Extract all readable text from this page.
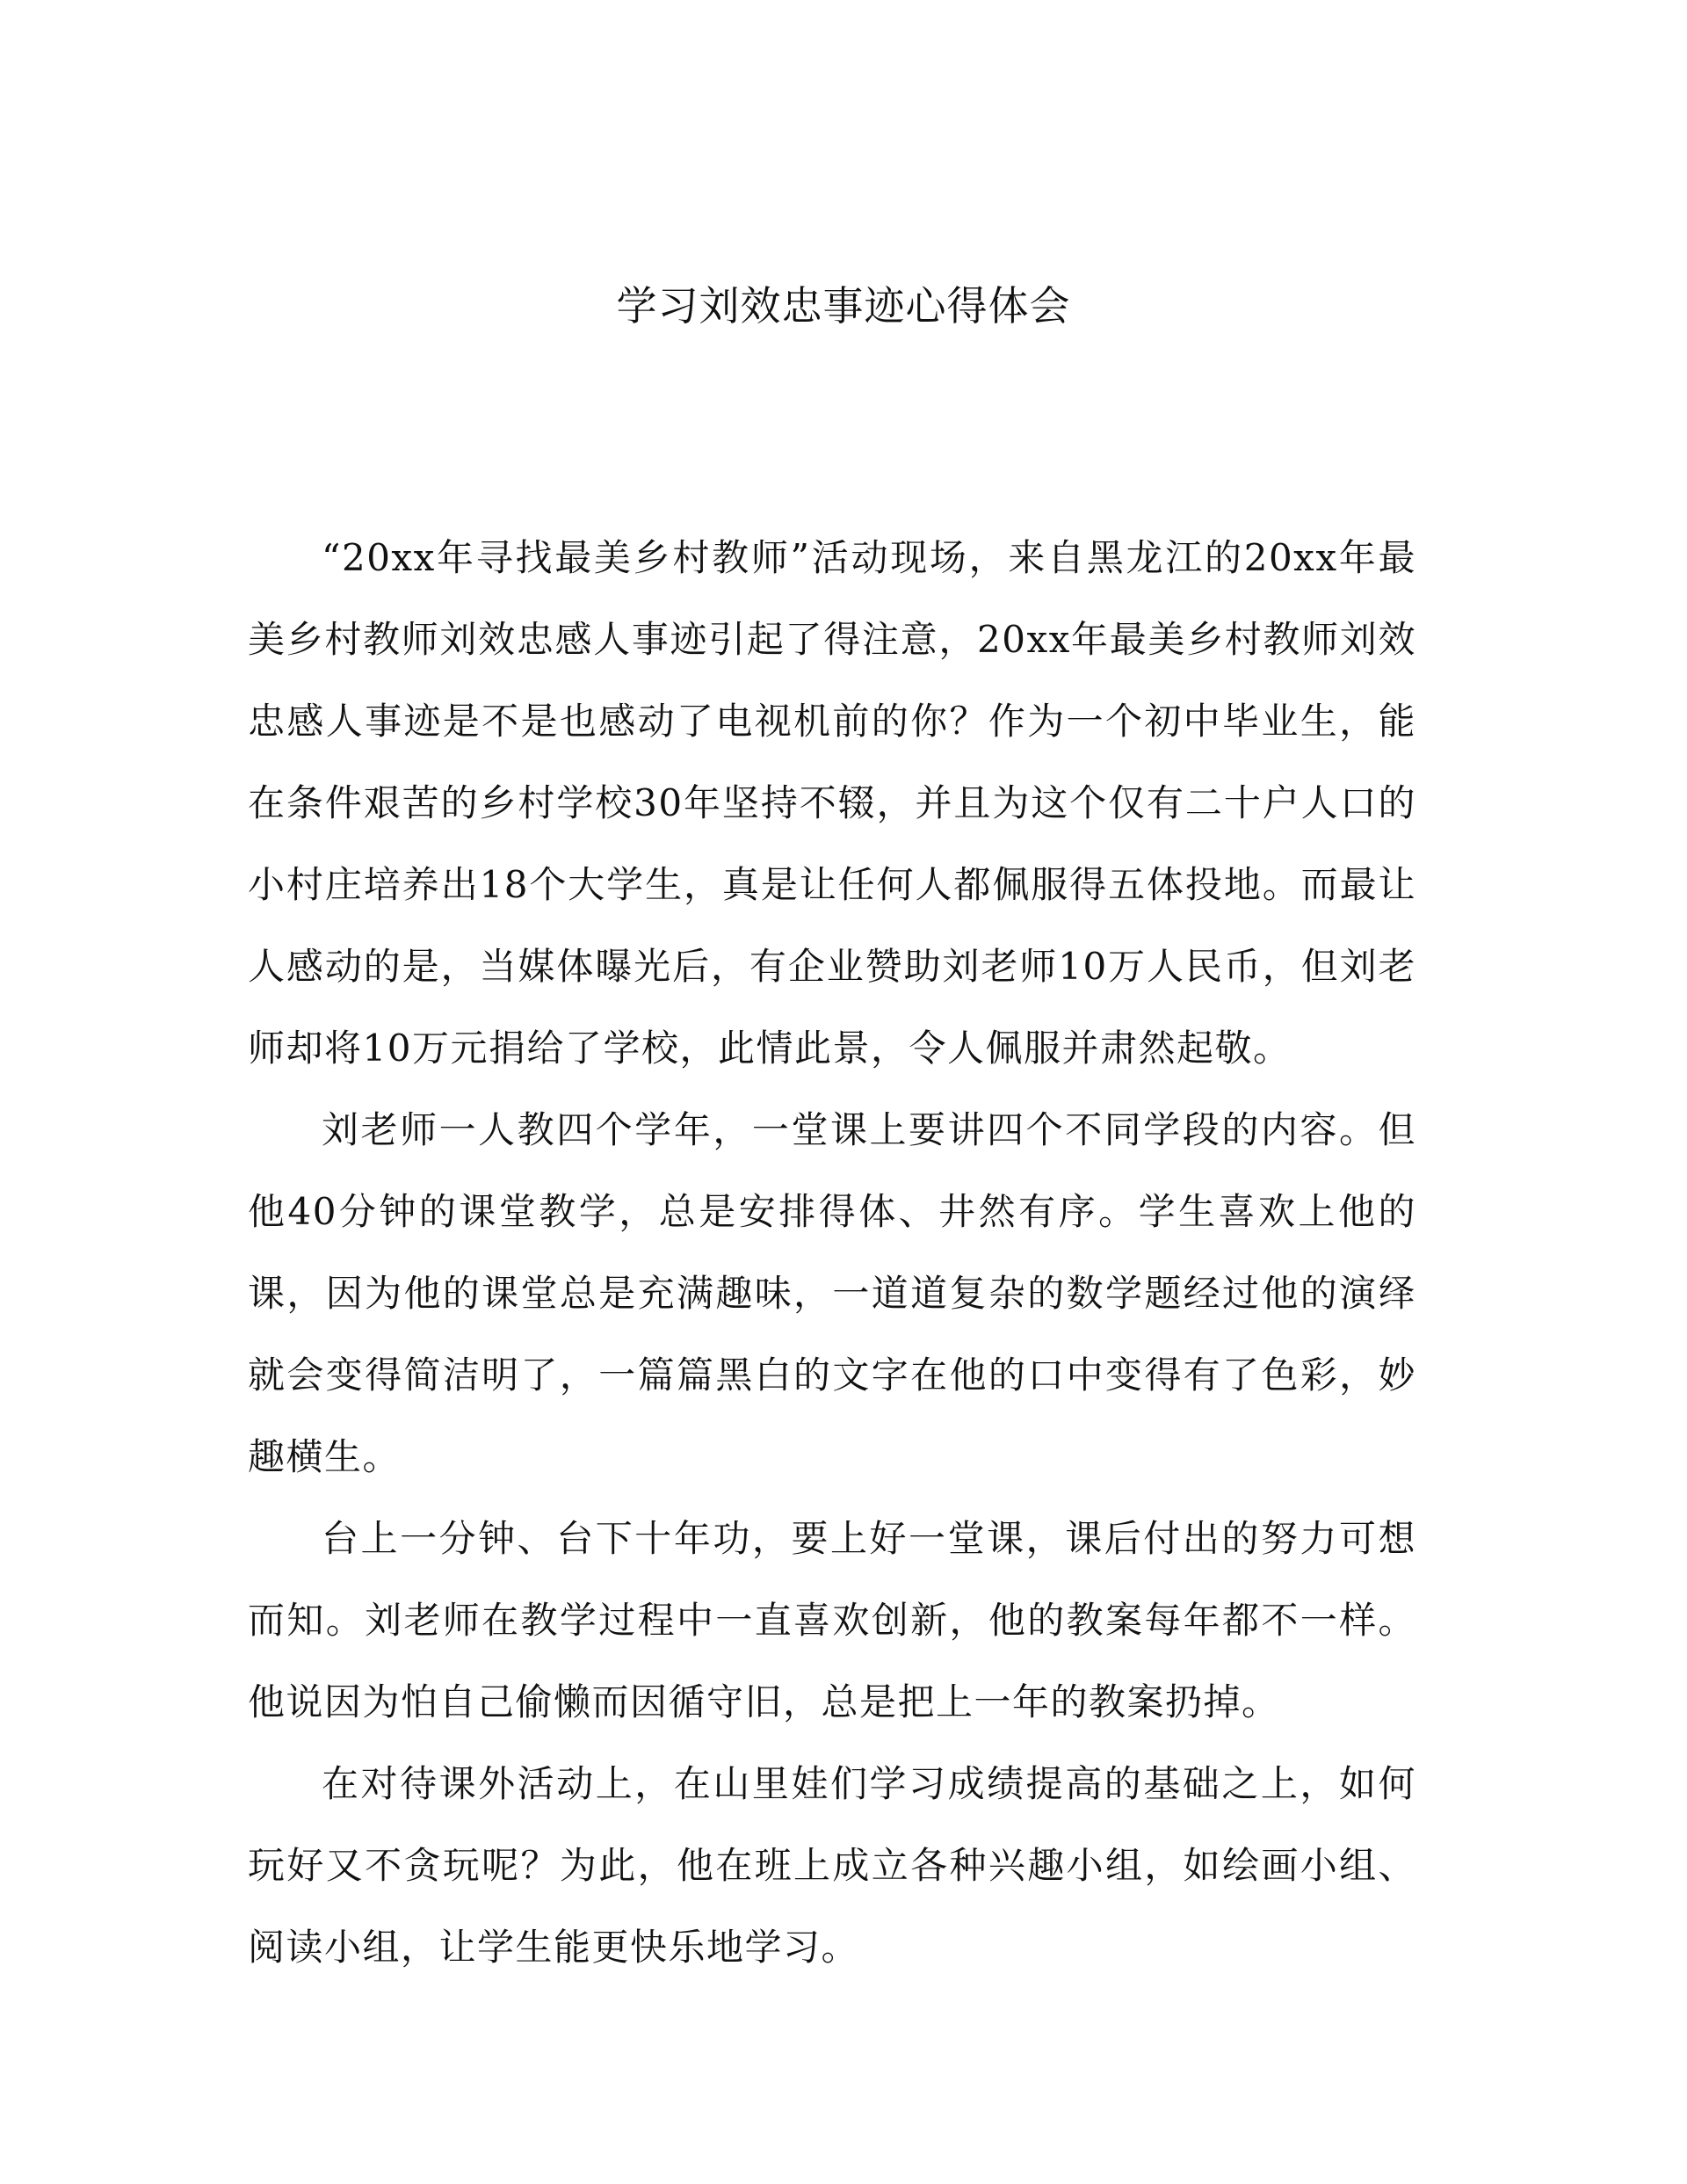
学习刘效忠事迹心得体会

“20xx年寻找最美乡村教师”活动现场，来自黑龙江的20xx年最美乡村教师刘效忠感人事迹引起了得注意，20xx年最美乡村教师刘效忠感人事迹是不是也感动了电视机前的你？作为一个初中毕业生，能在条件艰苦的乡村学校30年坚持不辍，并且为这个仅有二十户人口的小村庄培养出18个大学生，真是让任何人都佩服得五体投地。而最让人感动的是，当媒体曝光后，有企业赞助刘老师10万人民币，但刘老师却将10万元捐给了学校，此情此景，令人佩服并肃然起敬。

刘老师一人教四个学年，一堂课上要讲四个不同学段的内容。但他40分钟的课堂教学，总是安排得体、井然有序。学生喜欢上他的课，因为他的课堂总是充满趣味，一道道复杂的数学题经过他的演绎就会变得简洁明了，一篇篇黑白的文字在他的口中变得有了色彩，妙趣横生。

台上一分钟、台下十年功，要上好一堂课，课后付出的努力可想而知。刘老师在教学过程中一直喜欢创新，他的教案每年都不一样。他说因为怕自己偷懒而因循守旧，总是把上一年的教案扔掉。

在对待课外活动上，在山里娃们学习成绩提高的基础之上，如何玩好又不贪玩呢？为此，他在班上成立各种兴趣小组，如绘画小组、阅读小组，让学生能更快乐地学习。
